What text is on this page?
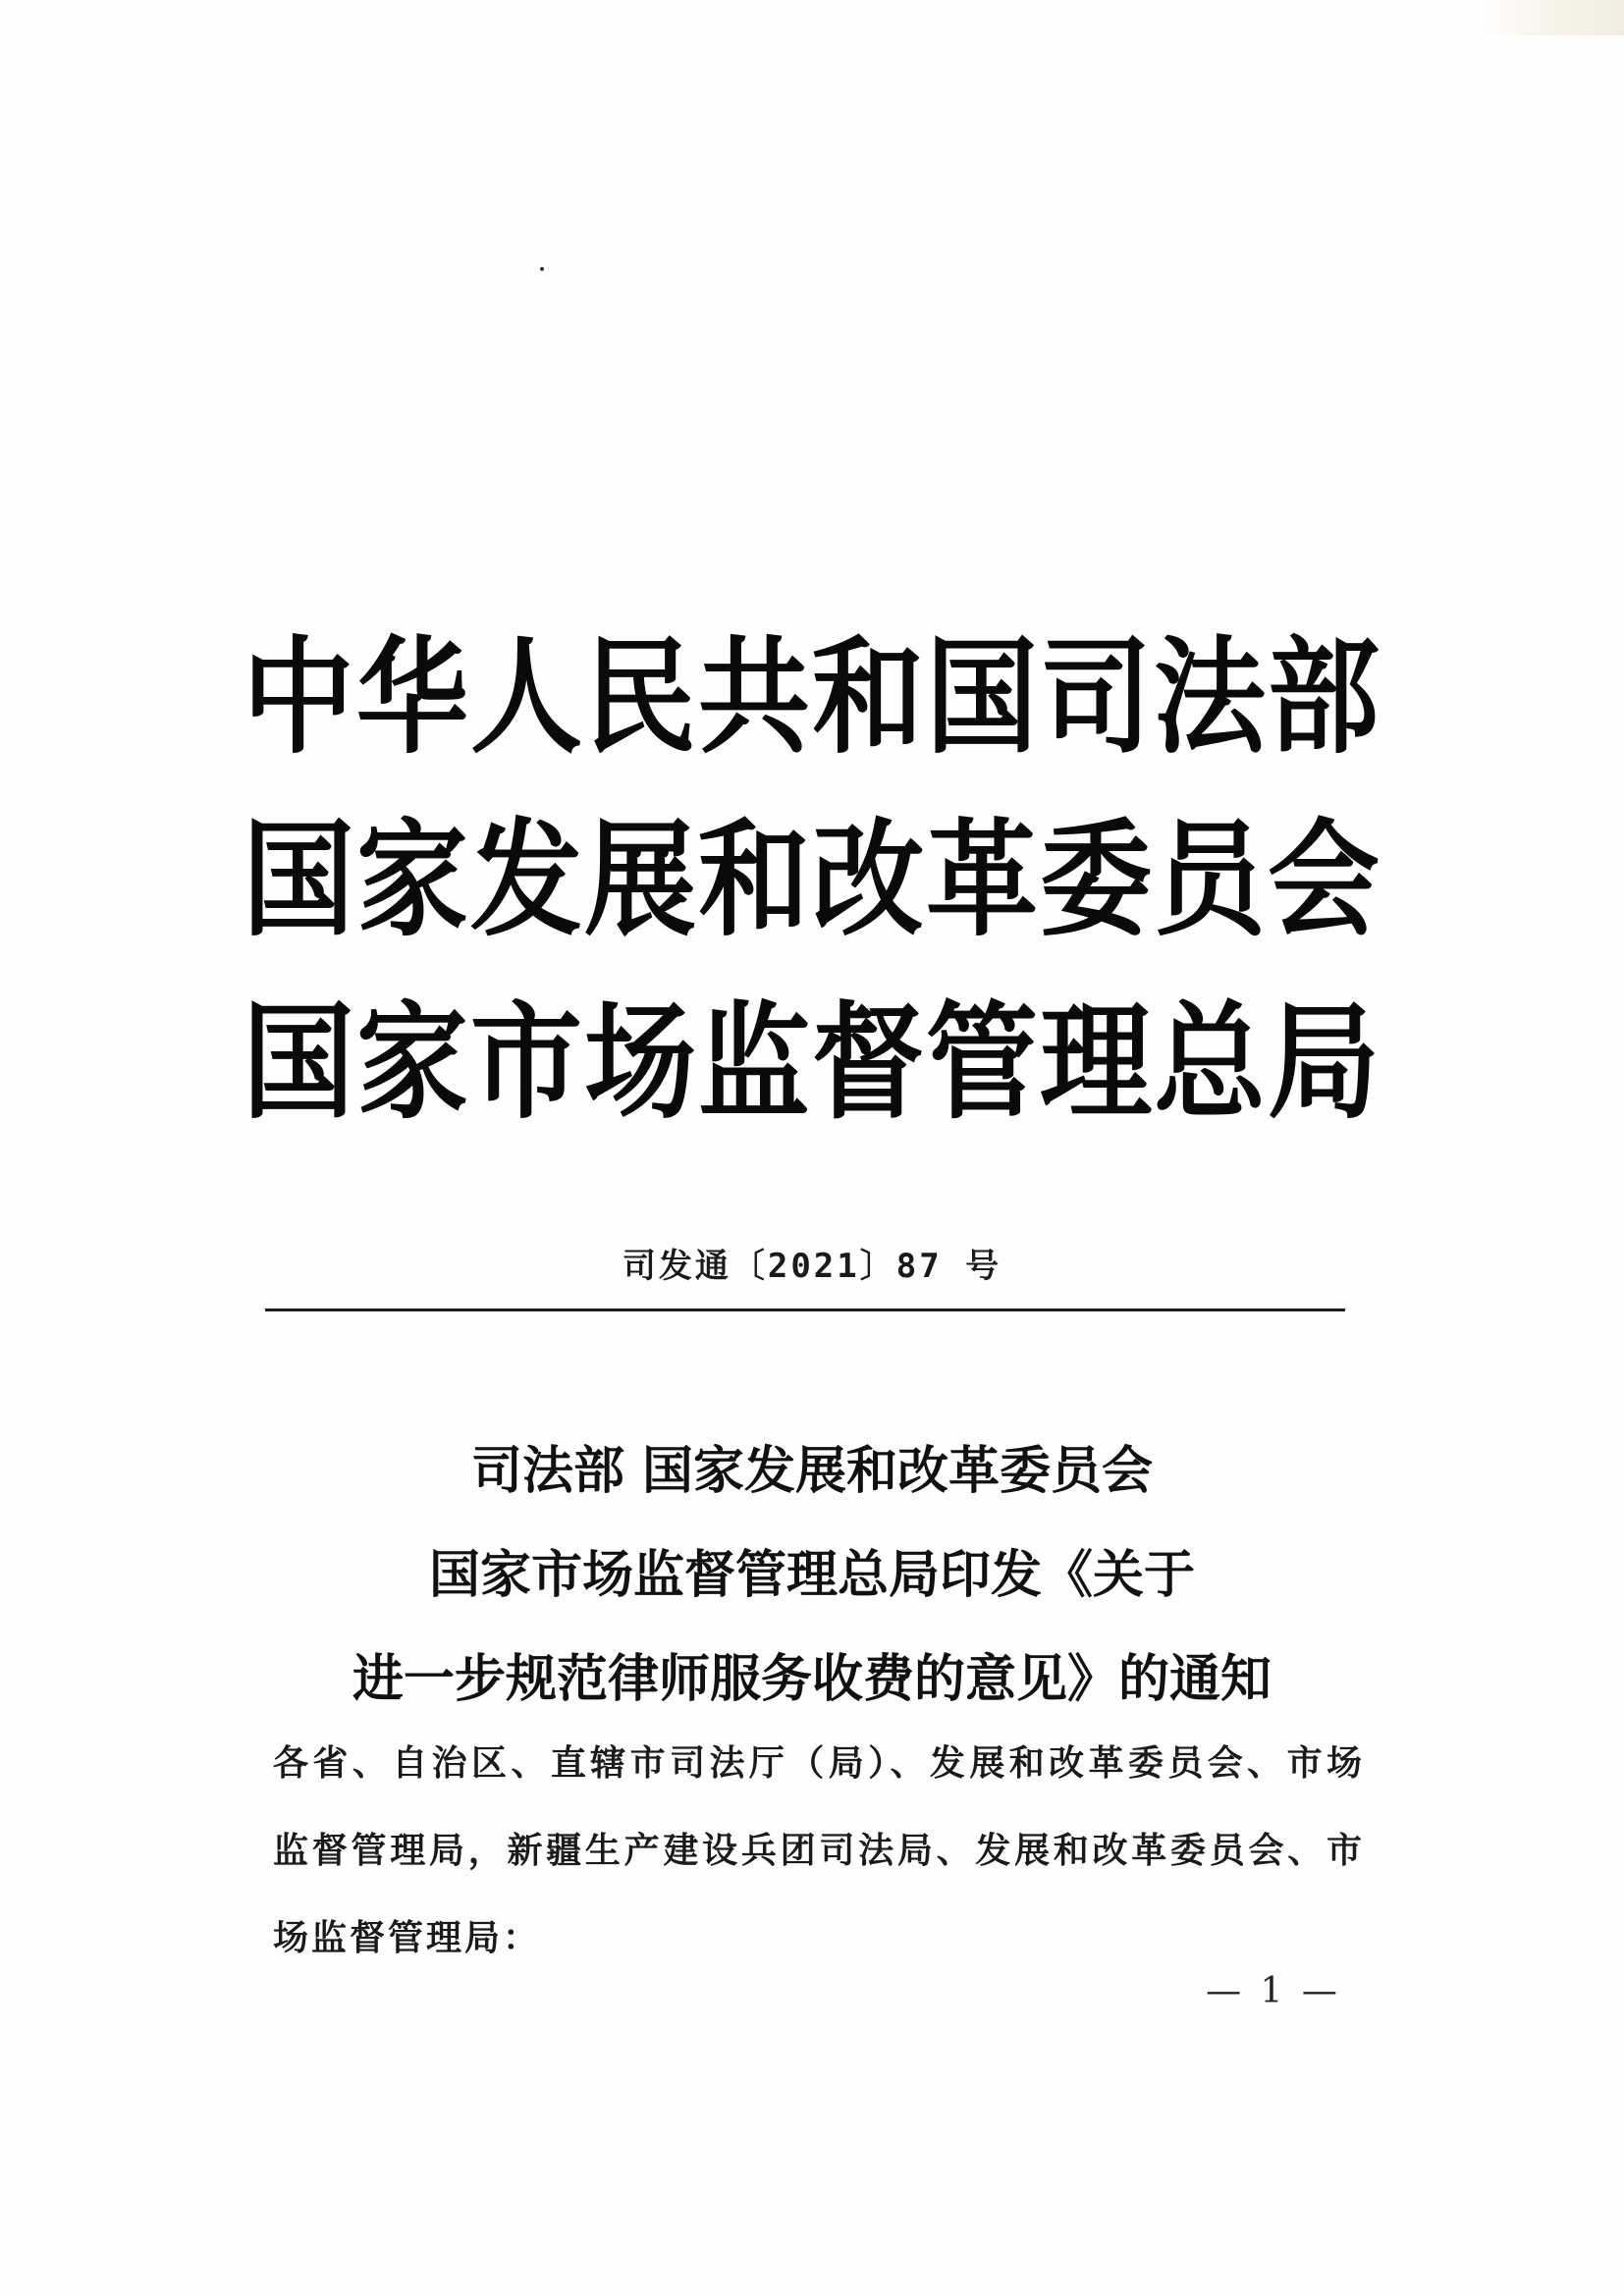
中华人民共和国司法部
国家发展和改革委员会
国家市场监督管理总局
司发通〔2021〕87 号
司法部 国家发展和改革委员会
国家市场监督管理总局印发《关于
进一步规范律师服务收费的意见》的通知
各省、自治区、直辖市司法厅（局）、发展和改革委员会、市场监督管理局，新疆生产建设兵团司法局、发展和改革委员会、市场监督管理局：
— 1 —
